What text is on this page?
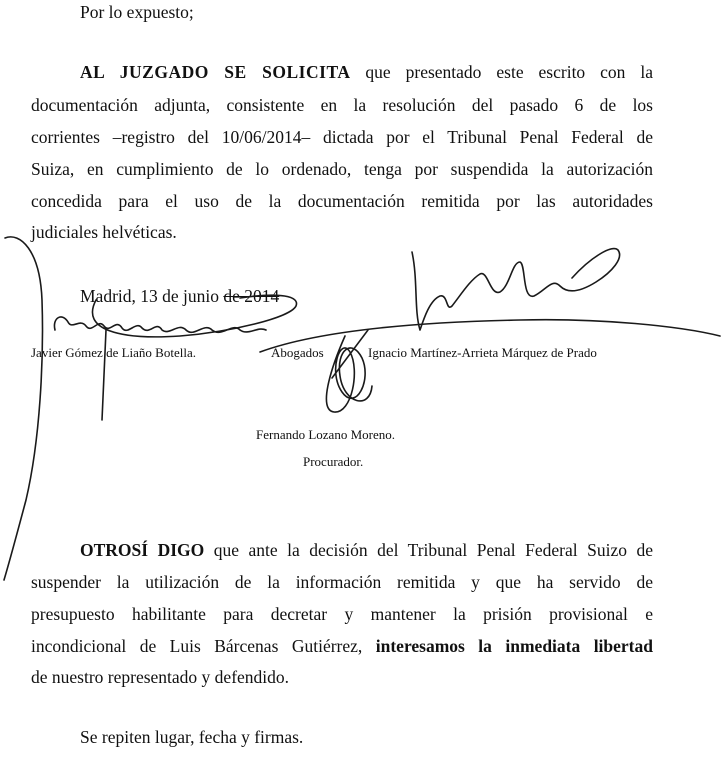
Por lo expuesto;
AL JUZGADO SE SOLICITA que presentado este escrito con la
documentación adjunta, consistente en la resolución del pasado 6 de los
corrientes –registro del 10/06/2014– dictada por el Tribunal Penal Federal de
Suiza, en cumplimiento de lo ordenado, tenga por suspendida la autorización
concedida para el uso de la documentación remitida por las autoridades
judiciales helvéticas.
Madrid, 13 de junio de 2014
Javier Gómez de Liaño Botella.	Abogados	Ignacio Martínez-Arrieta Márquez de Prado
Fernando Lozano Moreno.
Procurador.
OTROSÍ DIGO que ante la decisión del Tribunal Penal Federal Suizo de
suspender la utilización de la información remitida y que ha servido de
presupuesto habilitante para decretar y mantener la prisión provisional e
incondicional de Luis Bárcenas Gutiérrez, interesamos la inmediata libertad
de nuestro representado y defendido.
Se repiten lugar, fecha y firmas.
